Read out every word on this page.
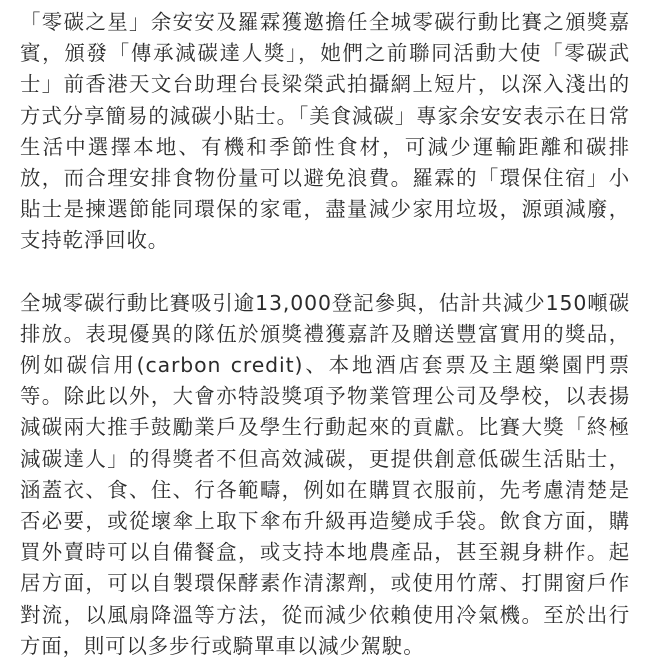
「零碳之星」余安安及羅霖獲邀擔任全城零碳行動比賽之頒獎嘉賓，頒發「傳承減碳達人獎」，她們之前聯同活動大使「零碳武士」前香港天文台助理台長梁榮武拍攝網上短片，以深入淺出的方式分享簡易的減碳小貼士。「美食減碳」專家余安安表示在日常生活中選擇本地、有機和季節性食材，可減少運輸距離和碳排放，而合理安排食物份量可以避免浪費。羅霖的「環保住宿」小貼士是揀選節能同環保的家電，盡量減少家用垃圾，源頭減廢，支持乾淨回收。

全城零碳行動比賽吸引逾13,000登記參與，估計共減少150噸碳排放。表現優異的隊伍於頒獎禮獲嘉許及贈送豐富實用的獎品，例如碳信用(carbon credit)、本地酒店套票及主題樂園門票等。除此以外，大會亦特設獎項予物業管理公司及學校，以表揚減碳兩大推手鼓勵業戶及學生行動起來的貢獻。比賽大獎「終極減碳達人」的得獎者不但高效減碳，更提供創意低碳生活貼士，涵蓋衣、食、住、行各範疇，例如在購買衣服前，先考慮清楚是否必要，或從壞傘上取下傘布升級再造變成手袋。飲食方面，購買外賣時可以自備餐盒，或支持本地農產品，甚至親身耕作。起居方面，可以自製環保酵素作清潔劑，或使用竹蓆、打開窗戶作對流，以風扇降溫等方法，從而減少依賴使用冷氣機。至於出行方面，則可以多步行或騎單車以減少駕駛。
